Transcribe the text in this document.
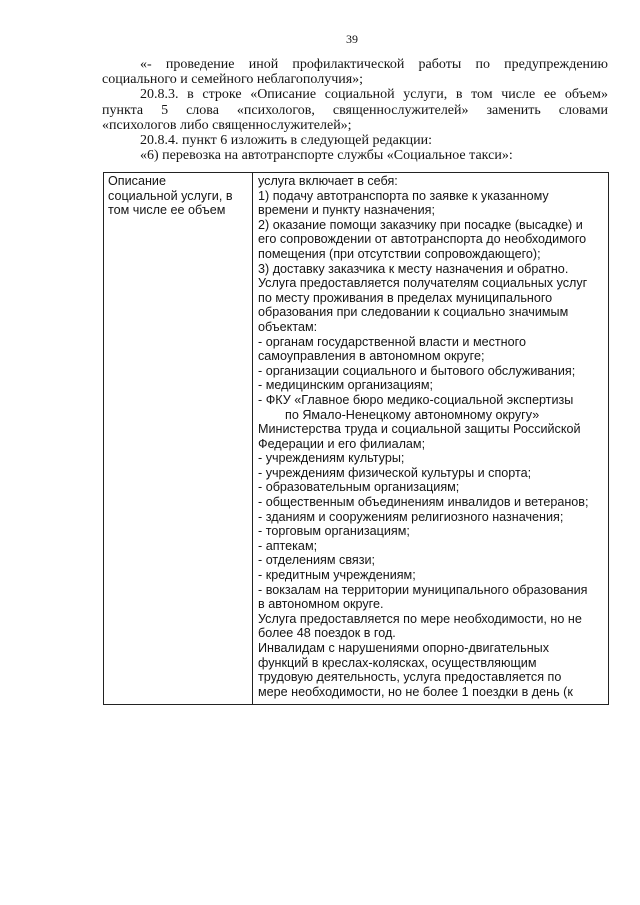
39
«- проведение иной профилактической работы по предупреждению
социального и семейного неблагополучия»;
20.8.3. в строке «Описание социальной услуги, в том числе ее объем»
пункта 5 слова «психологов, священнослужителей» заменить словами
«психологов либо священнослужителей»;
20.8.4. пункт 6 изложить в следующей редакции:
«6) перевозка на автотранспорте службы «Социальное такси»:
Описание
социальной услуги, в
том числе ее объем
услуга включает в себя:
1) подачу автотранспорта по заявке к указанному
времени и пункту назначения;
2) оказание помощи заказчику при посадке (высадке) и
его сопровождении от автотранспорта до необходимого
помещения (при отсутствии сопровождающего);
3) доставку заказчика к месту назначения и обратно.
Услуга предоставляется получателям социальных услуг
по месту проживания в пределах муниципального
образования при следовании к социально значимым
объектам:
- органам государственной власти и местного
самоуправления в автономном округе;
- организации социального и бытового обслуживания;
- медицинским организациям;
- ФКУ «Главное бюро медико-социальной экспертизы
по Ямало-Ненецкому автономному округу»
Министерства труда и социальной защиты Российской
Федерации и его филиалам;
- учреждениям культуры;
- учреждениям физической культуры и спорта;
- образовательным организациям;
- общественным объединениям инвалидов и ветеранов;
- зданиям и сооружениям религиозного назначения;
- торговым организациям;
- аптекам;
- отделениям связи;
- кредитным учреждениям;
- вокзалам на территории муниципального образования
в автономном округе.
Услуга предоставляется по мере необходимости, но не
более 48 поездок в год.
Инвалидам с нарушениями опорно-двигательных
функций в креслах-колясках, осуществляющим
трудовую деятельность, услуга предоставляется по
мере необходимости, но не более 1 поездки в день (к
